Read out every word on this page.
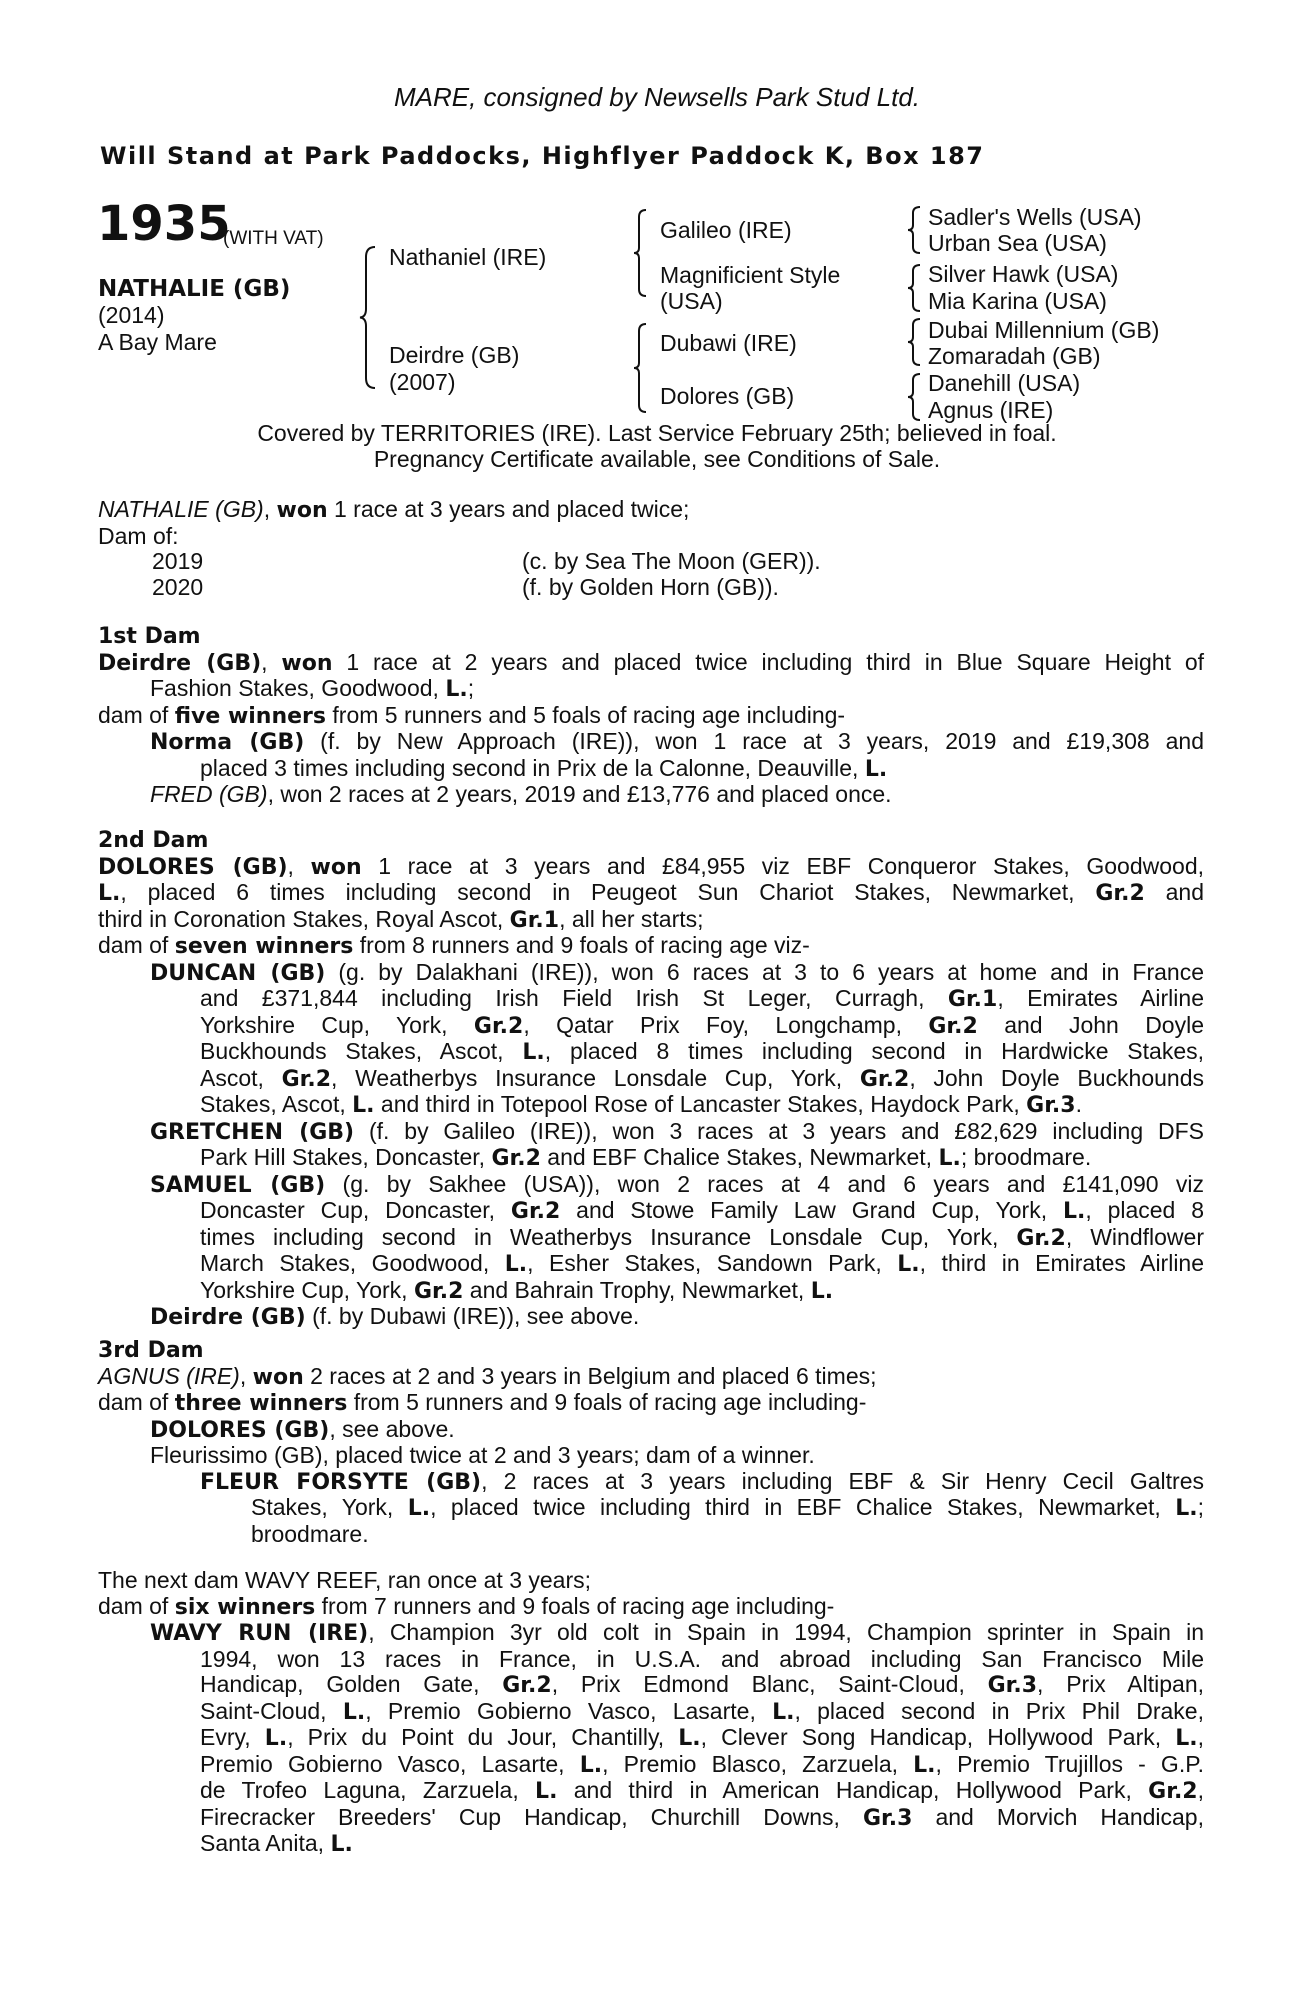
MARE, consigned by Newsells Park Stud Ltd.
Will Stand at Park Paddocks, Highflyer Paddock K, Box 187
1935
(WITH VAT)
NATHALIE (GB)
(2014)
A Bay Mare
Nathaniel (IRE)
Deirdre (GB)
(2007)
Galileo (IRE)
Magnificient Style
(USA)
Dubawi (IRE)
Dolores (GB)
Sadler's Wells (USA)
Urban Sea (USA)
Silver Hawk (USA)
Mia Karina (USA)
Dubai Millennium (GB)
Zomaradah (GB)
Danehill (USA)
Agnus (IRE)
Covered by TERRITORIES (IRE). Last Service February 25th; believed in foal.
Pregnancy Certificate available, see Conditions of Sale.
NATHALIE (GB), won 1 race at 3 years and placed twice;
Dam of:
2019	(c. by Sea The Moon (GER)).
2020	(f. by Golden Horn (GB)).
1st Dam
Deirdre (GB), won 1 race at 2 years and placed twice including third in Blue Square Height of
Fashion Stakes, Goodwood, L.;
dam of five winners from 5 runners and 5 foals of racing age including-
Norma (GB) (f. by New Approach (IRE)), won 1 race at 3 years, 2019 and £19,308 and
placed 3 times including second in Prix de la Calonne, Deauville, L.
FRED (GB), won 2 races at 2 years, 2019 and £13,776 and placed once.
2nd Dam
DOLORES (GB), won 1 race at 3 years and £84,955 viz EBF Conqueror Stakes, Goodwood,
L., placed 6 times including second in Peugeot Sun Chariot Stakes, Newmarket, Gr.2 and
third in Coronation Stakes, Royal Ascot, Gr.1, all her starts;
dam of seven winners from 8 runners and 9 foals of racing age viz-
DUNCAN (GB) (g. by Dalakhani (IRE)), won 6 races at 3 to 6 years at home and in France
and £371,844 including Irish Field Irish St Leger, Curragh, Gr.1, Emirates Airline
Yorkshire Cup, York, Gr.2, Qatar Prix Foy, Longchamp, Gr.2 and John Doyle
Buckhounds Stakes, Ascot, L., placed 8 times including second in Hardwicke Stakes,
Ascot, Gr.2, Weatherbys Insurance Lonsdale Cup, York, Gr.2, John Doyle Buckhounds
Stakes, Ascot, L. and third in Totepool Rose of Lancaster Stakes, Haydock Park, Gr.3.
GRETCHEN (GB) (f. by Galileo (IRE)), won 3 races at 3 years and £82,629 including DFS
Park Hill Stakes, Doncaster, Gr.2 and EBF Chalice Stakes, Newmarket, L.; broodmare.
SAMUEL (GB) (g. by Sakhee (USA)), won 2 races at 4 and 6 years and £141,090 viz
Doncaster Cup, Doncaster, Gr.2 and Stowe Family Law Grand Cup, York, L., placed 8
times including second in Weatherbys Insurance Lonsdale Cup, York, Gr.2, Windflower
March Stakes, Goodwood, L., Esher Stakes, Sandown Park, L., third in Emirates Airline
Yorkshire Cup, York, Gr.2 and Bahrain Trophy, Newmarket, L.
Deirdre (GB) (f. by Dubawi (IRE)), see above.
3rd Dam
AGNUS (IRE), won 2 races at 2 and 3 years in Belgium and placed 6 times;
dam of three winners from 5 runners and 9 foals of racing age including-
DOLORES (GB), see above.
Fleurissimo (GB), placed twice at 2 and 3 years; dam of a winner.
FLEUR FORSYTE (GB), 2 races at 3 years including EBF & Sir Henry Cecil Galtres
Stakes, York, L., placed twice including third in EBF Chalice Stakes, Newmarket, L.;
broodmare.
The next dam WAVY REEF, ran once at 3 years;
dam of six winners from 7 runners and 9 foals of racing age including-
WAVY RUN (IRE), Champion 3yr old colt in Spain in 1994, Champion sprinter in Spain in
1994, won 13 races in France, in U.S.A. and abroad including San Francisco Mile
Handicap, Golden Gate, Gr.2, Prix Edmond Blanc, Saint-Cloud, Gr.3, Prix Altipan,
Saint-Cloud, L., Premio Gobierno Vasco, Lasarte, L., placed second in Prix Phil Drake,
Evry, L., Prix du Point du Jour, Chantilly, L., Clever Song Handicap, Hollywood Park, L.,
Premio Gobierno Vasco, Lasarte, L., Premio Blasco, Zarzuela, L., Premio Trujillos - G.P.
de Trofeo Laguna, Zarzuela, L. and third in American Handicap, Hollywood Park, Gr.2,
Firecracker Breeders' Cup Handicap, Churchill Downs, Gr.3 and Morvich Handicap,
Santa Anita, L.
